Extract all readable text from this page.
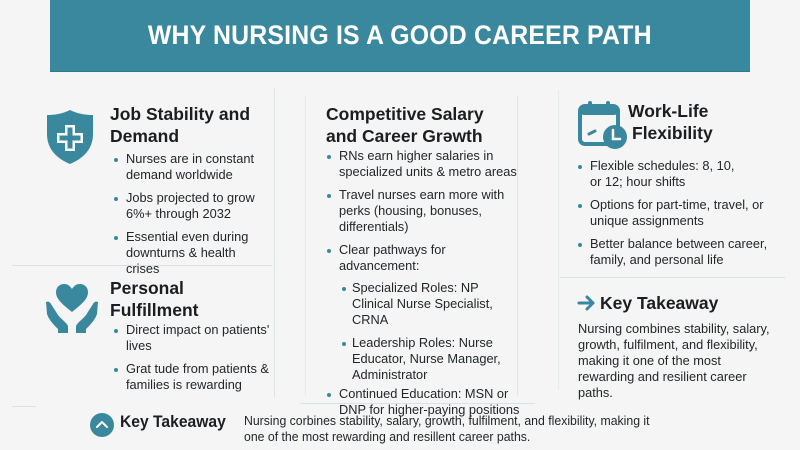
WHY NURSING IS A GOOD CAREER PATH
Job Stability and
Demand
Nurses are in constant demand worldwide
Jobs projected to grow 6%+ through 2032
Essential even during downturns & health crises
Personal
Fulfillment
Direct impact on patients' lives
Grat tude from patients & families is rewarding
Competitive Salary
and Career Grəwth
RNs earn higher salaries in specialized units & metro areas
Travel nurses earn more with perks (housing, bonuses, differentials)
Clear pathways for advancement:
Specialized Roles: NP Clinical Nurse Specialist, CRNA
Leadership Roles: Nurse Educator, Nurse Manager, Administrator
Continued Education: MSN or DNP for higher-paying positions
Work-Life
Flexibility
Flexible schedules: 8, 10, or 12; hour shifts
Options for part-time, travel, or unique assignments
Better balance between career, family, and personal life
Key Takeaway
Nursing combines stability, salary, growth, fulfilment, and flexibility, making it one of the most rewarding and resilient career paths.
Key Takeaway Nursing corbines stability, salary, growth, fulfilment, and flexibility, making it one of the most rewarding and resillent career paths.
